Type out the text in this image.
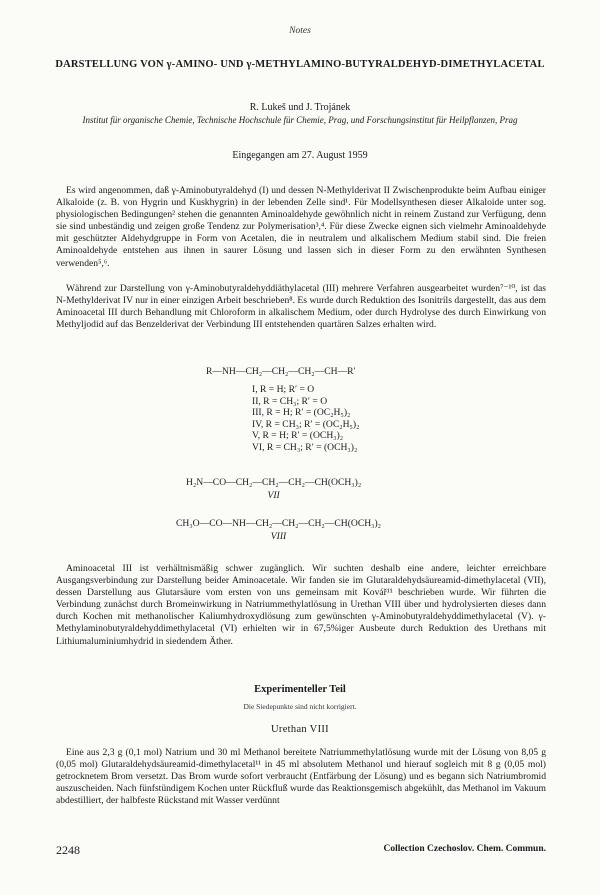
Notes
DARSTELLUNG VON γ-AMINO- UND γ-METHYLAMINO-BUTYRALDEHYD-DIMETHYLACETAL
R. Lukeš und J. Trojánek
Institut für organische Chemie, Technische Hochschule für Chemie, Prag, und Forschungsinstitut für Heilpflanzen, Prag
Eingegangen am 27. August 1959

Es wird angenommen, daß γ-Aminobutyraldehyd (I) und dessen N-Methylderivat II Zwischenprodukte beim Aufbau einiger Alkaloide (z. B. von Hygrin und Kuskhygrin) in der lebenden Zelle sind¹. Für Modellsynthesen dieser Alkaloide unter sog. physiologischen Bedingungen² stehen die genannten Aminoaldehyde gewöhnlich nicht in reinem Zustand zur Verfügung, denn sie sind unbeständig und zeigen große Tendenz zur Polymerisation³,⁴. Für diese Zwecke eignen sich vielmehr Aminoaldehyde mit geschützter Aldehydgruppe in Form von Acetalen, die in neutralem und alkalischem Medium stabil sind. Die freien Aminoaldehyde entstehen aus ihnen in saurer Lösung und lassen sich in dieser Form zu den erwähnten Synthesen verwenden⁵,⁶.

Während zur Darstellung von γ-Aminobutyraldehyddiäthylacetal (III) mehrere Verfahren ausgearbeitet wurden⁷⁻¹⁰, ist das N-Methylderivat IV nur in einer einzigen Arbeit beschrieben⁸. Es wurde durch Reduktion des Isonitrils dargestellt, das aus dem Aminoacetal III durch Behandlung mit Chloroform in alkalischem Medium, oder durch Hydrolyse des durch Einwirkung von Methyljodid auf das Benzelderivat der Verbindung III entstehenden quartären Salzes erhalten wird.

R—NH—CH₂—CH₂—CH₂—CH—R′
I, R = H; R′ = O
II, R = CH₃; R′ = O
III, R = H; R′ = (OC₂H₅)₂
IV, R = CH₃; R′ = (OC₂H₅)₂
V, R = H; R′ = (OCH₃)₂
VI, R = CH₃; R′ = (OCH₃)₂
H₂N—CO—CH₂—CH₂—CH₂—CH(OCH₃)₂
VII
CH₃O—CO—NH—CH₂—CH₂—CH₂—CH(OCH₃)₂
VIII

Aminoacetal III ist verhältnismäßig schwer zugänglich. Wir suchten deshalb eine andere, leichter erreichbare Ausgangsverbindung zur Darstellung beider Aminoacetale. Wir fanden sie im Glutaraldehydsäureamid-dimethylacetal (VII), dessen Darstellung aus Glutarsäure vom ersten von uns gemeinsam mit Kovář¹¹ beschrieben wurde. Wir führten die Verbindung zunächst durch Bromeinwirkung in Natriummethylatlösung in Urethan VIII über und hydrolysierten dieses dann durch Kochen mit methanolischer Kaliumhydroxydlösung zum gewünschten γ-Aminobutyraldehyddimethylacetal (V). γ-Methylaminobutyraldehyddimethylacetal (VI) erhielten wir in 67,5%iger Ausbeute durch Reduktion des Urethans mit Lithiumaluminiumhydrid in siedendem Äther.

Experimenteller Teil
Die Siedepunkte sind nicht korrigiert.
Urethan VIII

Eine aus 2,3 g (0,1 mol) Natrium und 30 ml Methanol bereitete Natriummethylatlösung wurde mit der Lösung von 8,05 g (0,05 mol) Glutaraldehydsäureamid-dimethylacetal¹¹ in 45 ml absolutem Methanol und hierauf sogleich mit 8 g (0,05 mol) getrocknetem Brom versetzt. Das Brom wurde sofort verbraucht (Entfärbung der Lösung) und es begann sich Natriumbromid auszuscheiden. Nach fünfstündigem Kochen unter Rückfluß wurde das Reaktionsgemisch abgekühlt, das Methanol im Vakuum abdestilliert, der halbfeste Rückstand mit Wasser verdünnt

2248	Collection Czechoslov. Chem. Commun.
